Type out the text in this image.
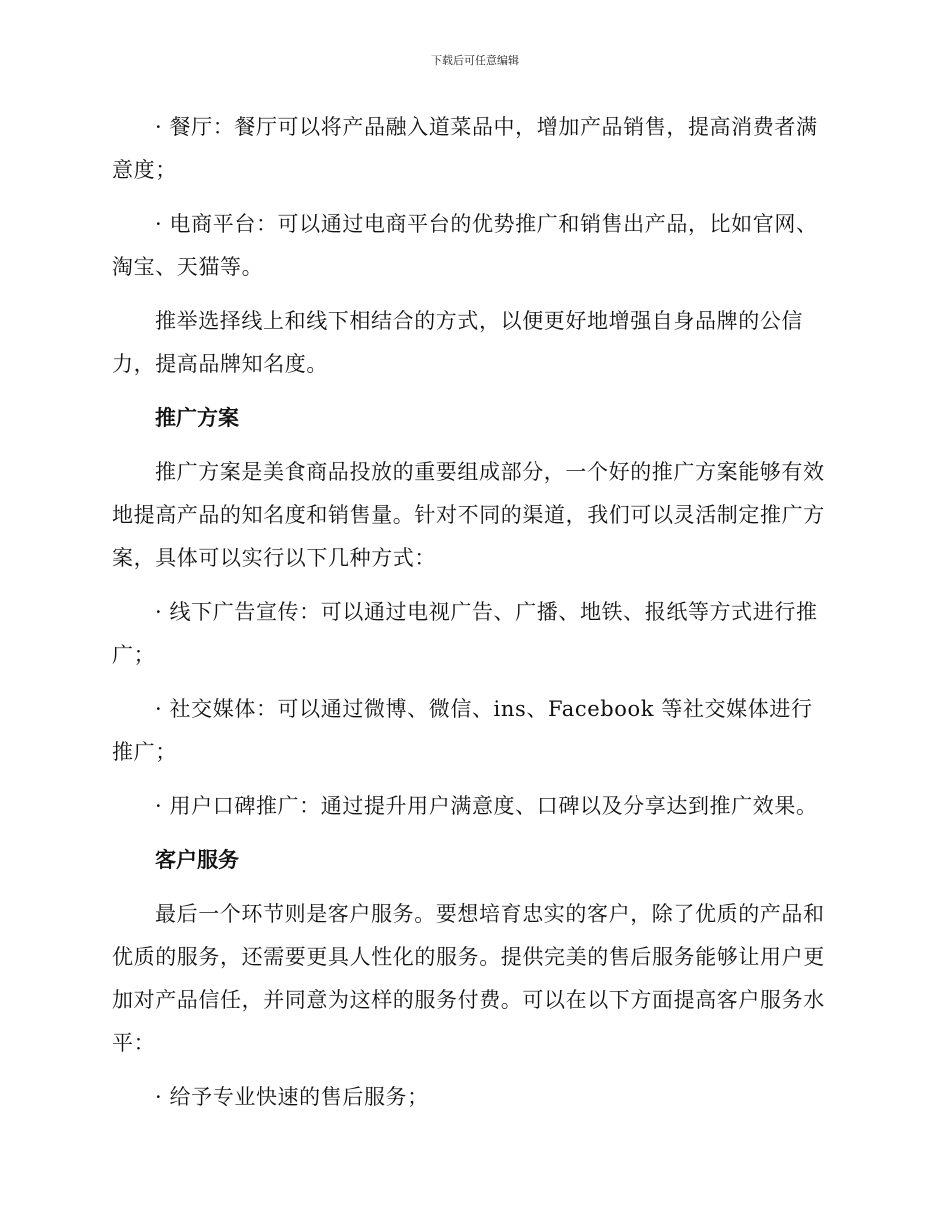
下载后可任意编辑

· 餐厅：餐厅可以将产品融入道菜品中，增加产品销售，提高消费者满意度；

· 电商平台：可以通过电商平台的优势推广和销售出产品，比如官网、淘宝、天猫等。

推举选择线上和线下相结合的方式，以便更好地增强自身品牌的公信力，提高品牌知名度。

推广方案

推广方案是美食商品投放的重要组成部分，一个好的推广方案能够有效地提高产品的知名度和销售量。针对不同的渠道，我们可以灵活制定推广方案，具体可以实行以下几种方式：

· 线下广告宣传：可以通过电视广告、广播、地铁、报纸等方式进行推广；

· 社交媒体：可以通过微博、微信、ins、Facebook 等社交媒体进行推广；

· 用户口碑推广：通过提升用户满意度、口碑以及分享达到推广效果。

客户服务

最后一个环节则是客户服务。要想培育忠实的客户，除了优质的产品和优质的服务，还需要更具人性化的服务。提供完美的售后服务能够让用户更加对产品信任，并同意为这样的服务付费。可以在以下方面提高客户服务水平：

· 给予专业快速的售后服务；
